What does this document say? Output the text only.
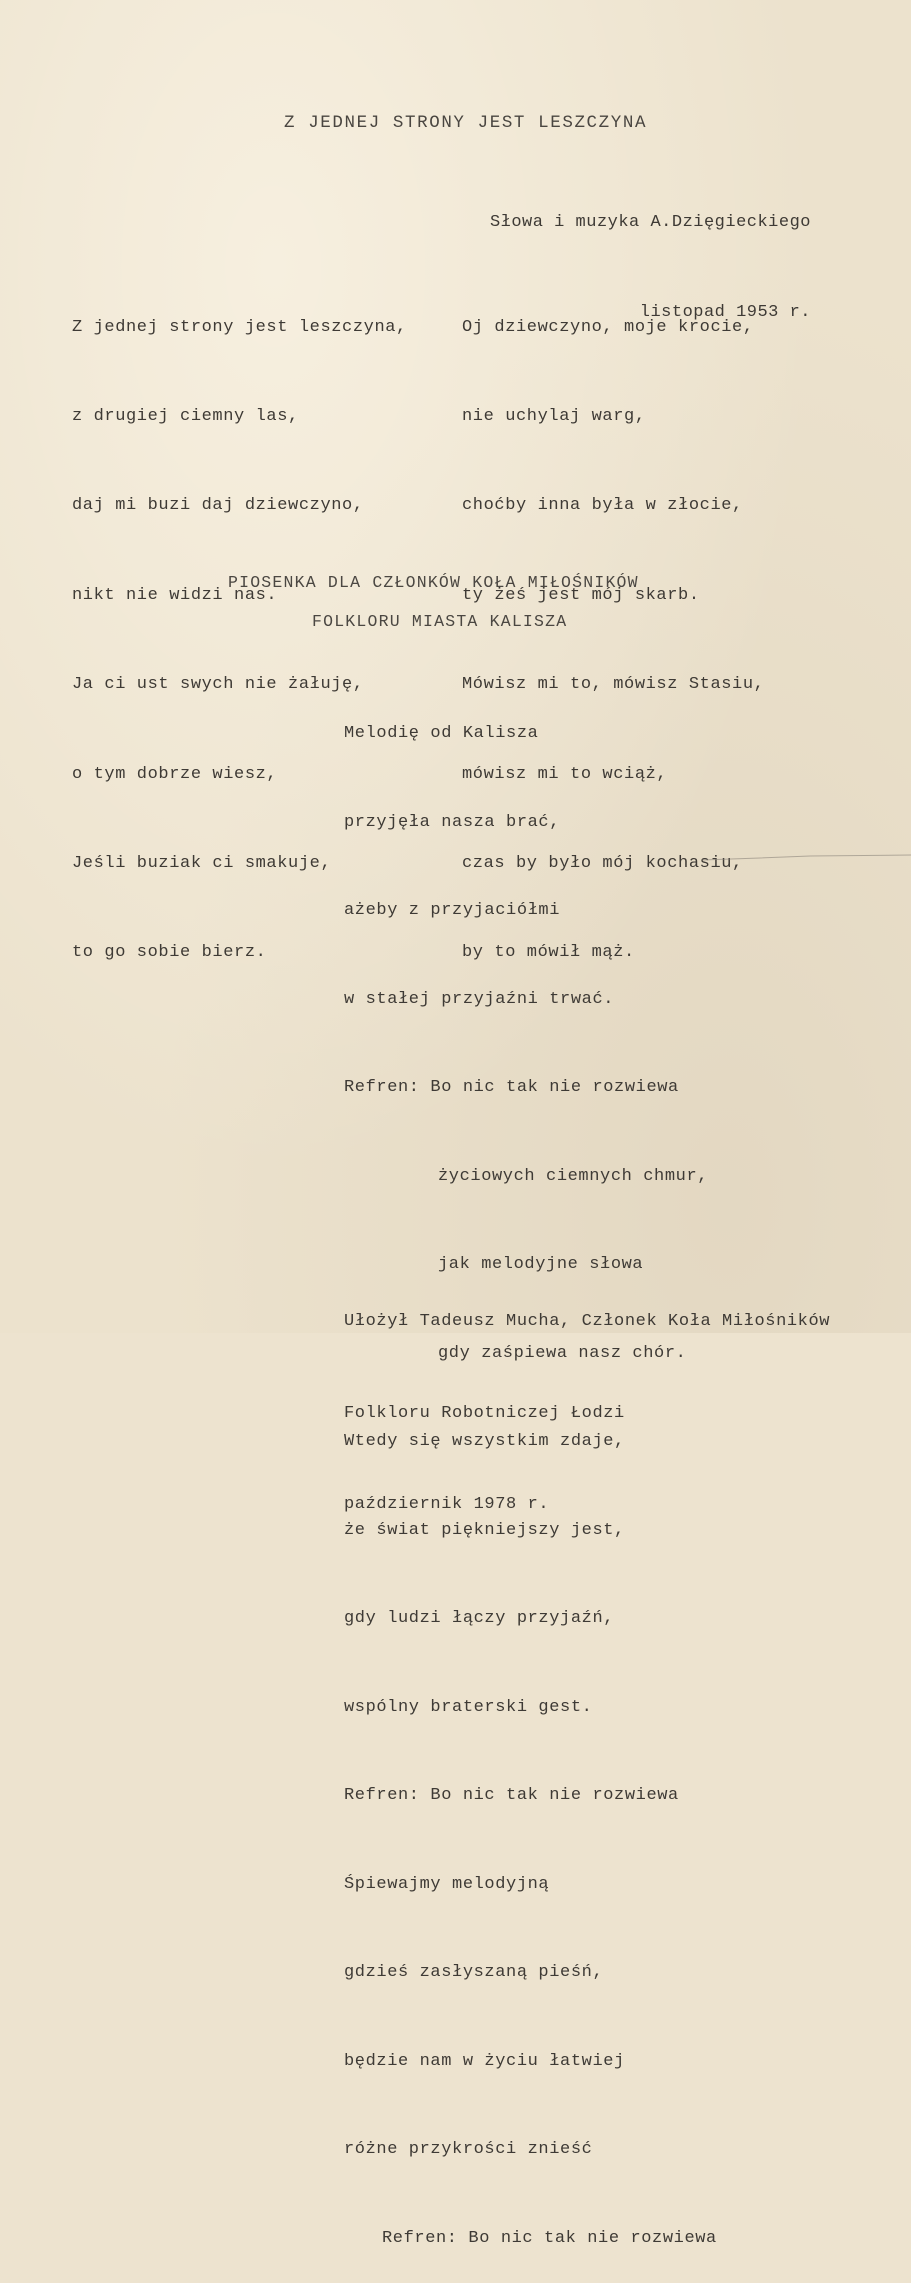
Z JEDNEJ STRONY JEST LESZCZYNA

Słowa i muzyka A.Dzięgieckiego

listopad 1953 r.

Z jednej strony jest leszczyna,

z drugiej ciemny las,

daj mi buzi daj dziewczyno,

nikt nie widzi nas.

Ja ci ust swych nie żałuję,

o tym dobrze wiesz,

Jeśli buziak ci smakuje,

to go sobie bierz.

Oj dziewczyno, moje krocie,

nie uchylaj warg,

choćby inna była w złocie,

ty żeś jest mój skarb.

Mówisz mi to, mówisz Stasiu,

mówisz mi to wciąż,

czas by było mój kochasiu,

by to mówił mąż.

PIOSENKA DLA CZŁONKÓW KOŁA MIŁOŚNIKÓW
FOLKLORU MIASTA KALISZA

Melodię od Kalisza

przyjęła nasza brać,

ażeby z przyjaciółmi

w stałej przyjaźni trwać.

Refren: Bo nic tak nie rozwiewa

życiowych ciemnych chmur,

jak melodyjne słowa

gdy zaśpiewa nasz chór.

Wtedy się wszystkim zdaje,

że świat piękniejszy jest,

gdy ludzi łączy przyjaźń,

wspólny braterski gest.

Refren: Bo nic tak nie rozwiewa

Śpiewajmy melodyjną

gdzieś zasłyszaną pieśń,

będzie nam w życiu łatwiej

różne przykrości znieść

Refren: Bo nic tak nie rozwiewa

Ułożył Tadeusz Mucha, Członek Koła Miłośników

Folkloru Robotniczej Łodzi

październik 1978 r.
